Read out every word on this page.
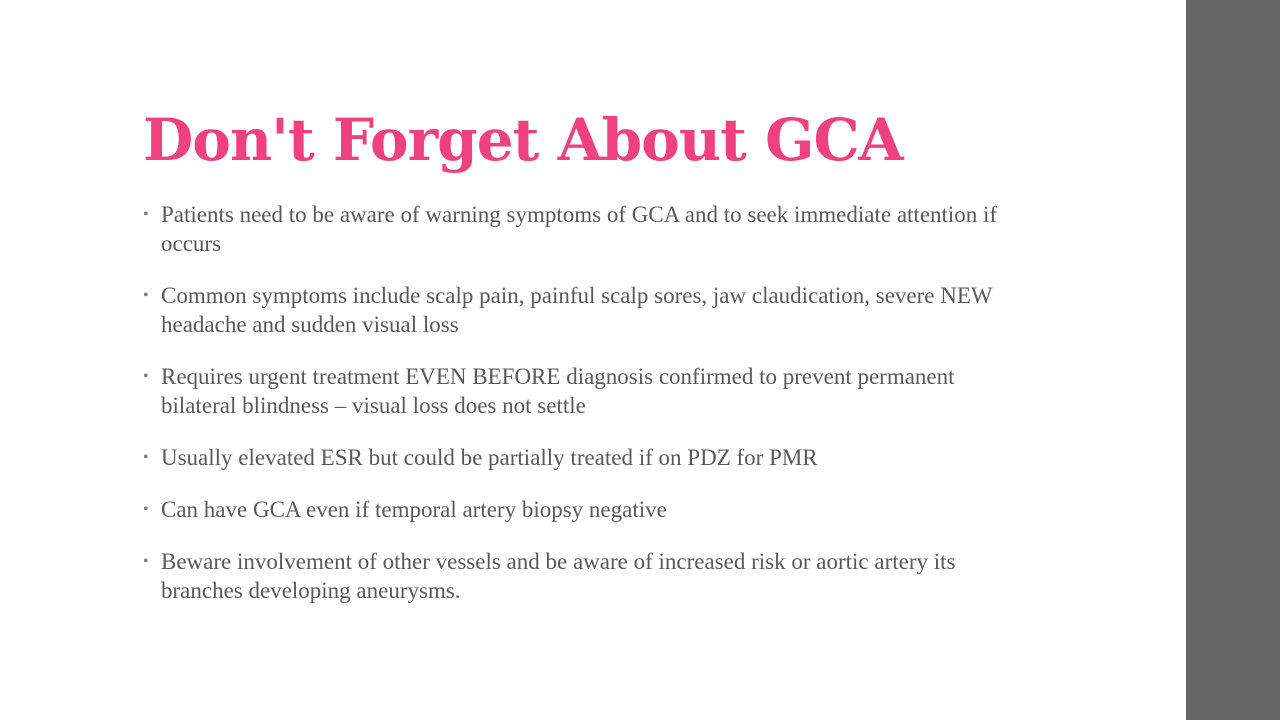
Don't Forget About GCA
• Patients need to be aware of warning symptoms of GCA and to seek immediate attention if occurs
• Common symptoms include scalp pain, painful scalp sores, jaw claudication, severe NEW headache and sudden visual loss
• Requires urgent treatment EVEN BEFORE diagnosis confirmed to prevent permanent bilateral blindness – visual loss does not settle
• Usually elevated ESR but could be partially treated if on PDZ for PMR
• Can have GCA even if temporal artery biopsy negative
• Beware involvement of other vessels and be aware of increased risk or aortic artery its branches developing aneurysms.
